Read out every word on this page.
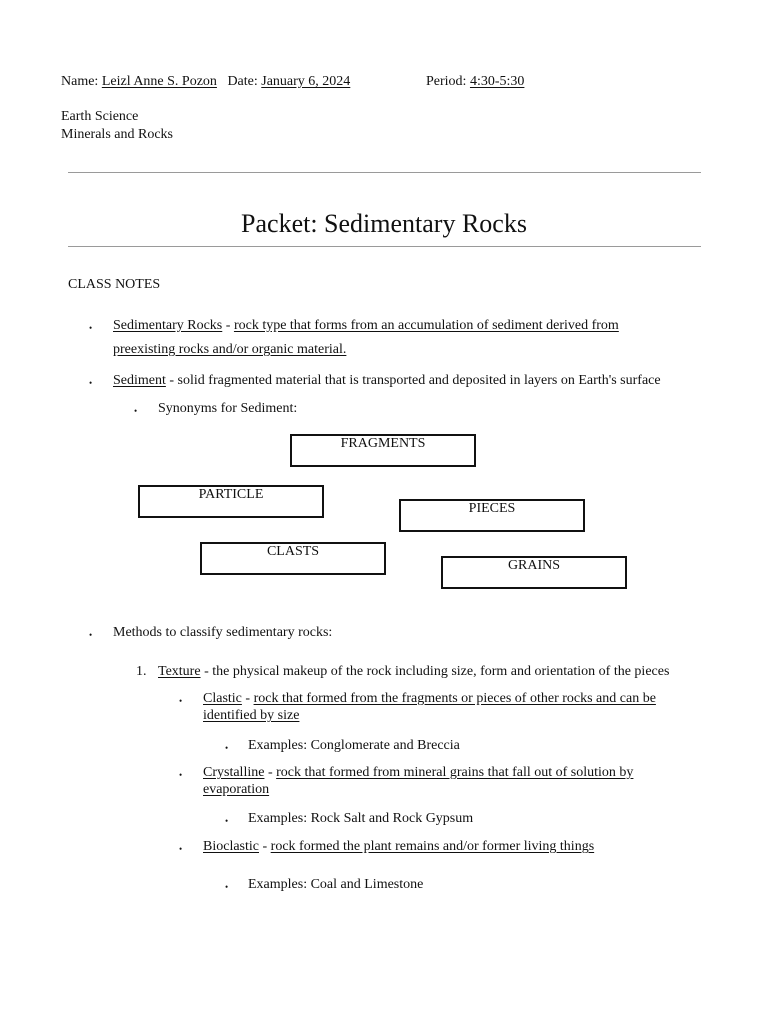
Name: Leizl Anne S. Pozon Date: January 6, 2024	Period: 4:30-5:30
Earth Science
Minerals and Rocks
Packet: Sedimentary Rocks
CLASS NOTES
• Sedimentary Rocks - rock type that forms from an accumulation of sediment derived from
preexisting rocks and/or organic material.
• Sediment - solid fragmented material that is transported and deposited in layers on Earth's surface
• Synonyms for Sediment:
FRAGMENTS
PARTICLE
PIECES
CLASTS
GRAINS
• Methods to classify sedimentary rocks:
1. Texture - the physical makeup of the rock including size, form and orientation of the pieces
• Clastic - rock that formed from the fragments or pieces of other rocks and can be identified by size
• Examples: Conglomerate and Breccia
• Crystalline - rock that formed from mineral grains that fall out of solution by evaporation
• Examples: Rock Salt and Rock Gypsum
• Bioclastic - rock formed the plant remains and/or former living things
• Examples: Coal and Limestone
